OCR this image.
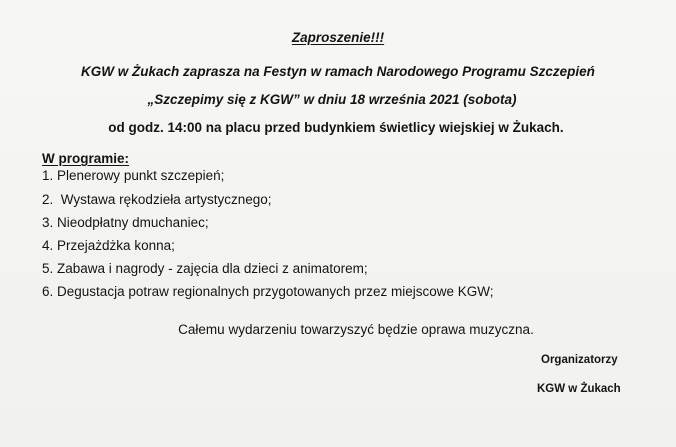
Zaproszenie!!!
KGW w Żukach zaprasza na Festyn w ramach Narodowego Programu Szczepień
„Szczepimy się z KGW” w dniu 18 września 2021 (sobota)
od godz. 14:00 na placu przed budynkiem świetlicy wiejskiej w Żukach.
W programie:
1. Plenerowy punkt szczepień;
2.  Wystawa rękodzieła artystycznego;
3. Nieodpłatny dmuchaniec;
4. Przejażdżka konna;
5. Zabawa i nagrody - zajęcia dla dzieci z animatorem;
6. Degustacja potraw regionalnych przygotowanych przez miejscowe KGW;
Całemu wydarzeniu towarzyszyć będzie oprawa muzyczna.
Organizatorzy
KGW w Żukach
